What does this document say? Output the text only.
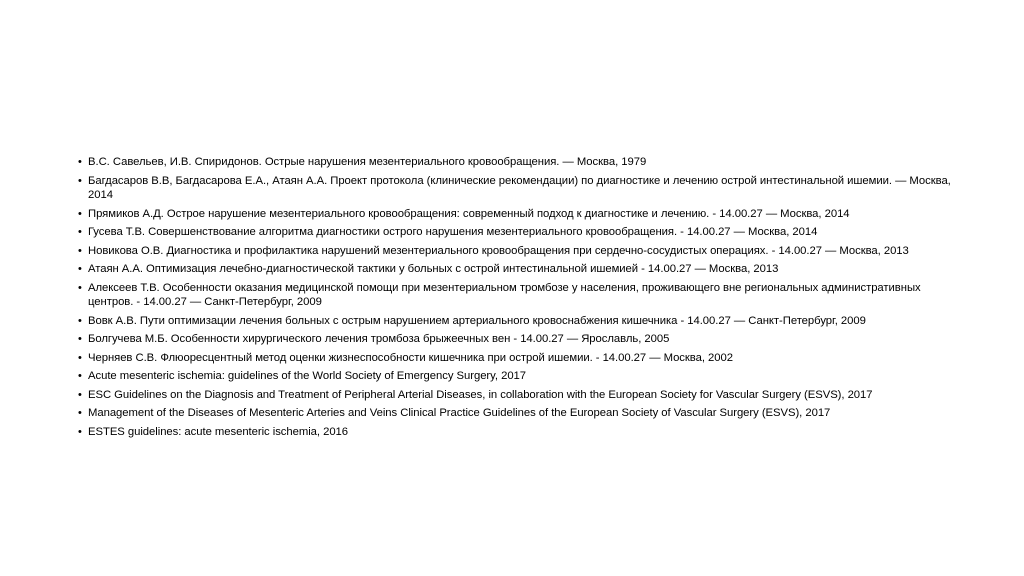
• В.С. Савельев, И.В. Спиридонов. Острые нарушения мезентериального кровообращения. — Москва, 1979
• Багдасаров В.В, Багдасарова Е.А., Атаян А.А. Проект протокола (клинические рекомендации) по диагностике и лечению острой интестинальной ишемии. — Москва, 2014
• Прямиков А.Д. Острое нарушение мезентериального кровообращения: современный подход к диагностике и лечению. - 14.00.27 — Москва, 2014
• Гусева Т.В. Совершенствование алгоритма диагностики острого нарушения мезентериального кровообращения. - 14.00.27 — Москва, 2014
• Новикова О.В. Диагностика и профилактика нарушений мезентериального кровообращения при сердечно-сосудистых операциях. - 14.00.27 — Москва, 2013
• Атаян А.А. Оптимизация лечебно-диагностической тактики у больных с острой интестинальной ишемией - 14.00.27 — Москва, 2013
• Алексеев Т.В. Особенности оказания медицинской помощи при мезентериальном тромбозе у населения, проживающего вне региональных административных центров. - 14.00.27 — Санкт-Петербург, 2009
• Вовк А.В. Пути оптимизации лечения больных с острым нарушением артериального кровоснабжения кишечника - 14.00.27 — Санкт-Петербург, 2009
• Болгучева М.Б. Особенности хирургического лечения тромбоза брыжеечных вен - 14.00.27 — Ярославль, 2005
• Черняев С.В. Флюоресцентный метод оценки жизнеспособности кишечника при острой ишемии. - 14.00.27 — Москва, 2002
• Acute mesenteric ischemia: guidelines of the World Society of Emergency Surgery, 2017
• ESC Guidelines on the Diagnosis and Treatment of Peripheral Arterial Diseases, in collaboration with the European Society for Vascular Surgery (ESVS), 2017
• Management of the Diseases of Mesenteric Arteries and Veins Clinical Practice Guidelines of the European Society of Vascular Surgery (ESVS), 2017
• ESTES guidelines: acute mesenteric ischemia, 2016
